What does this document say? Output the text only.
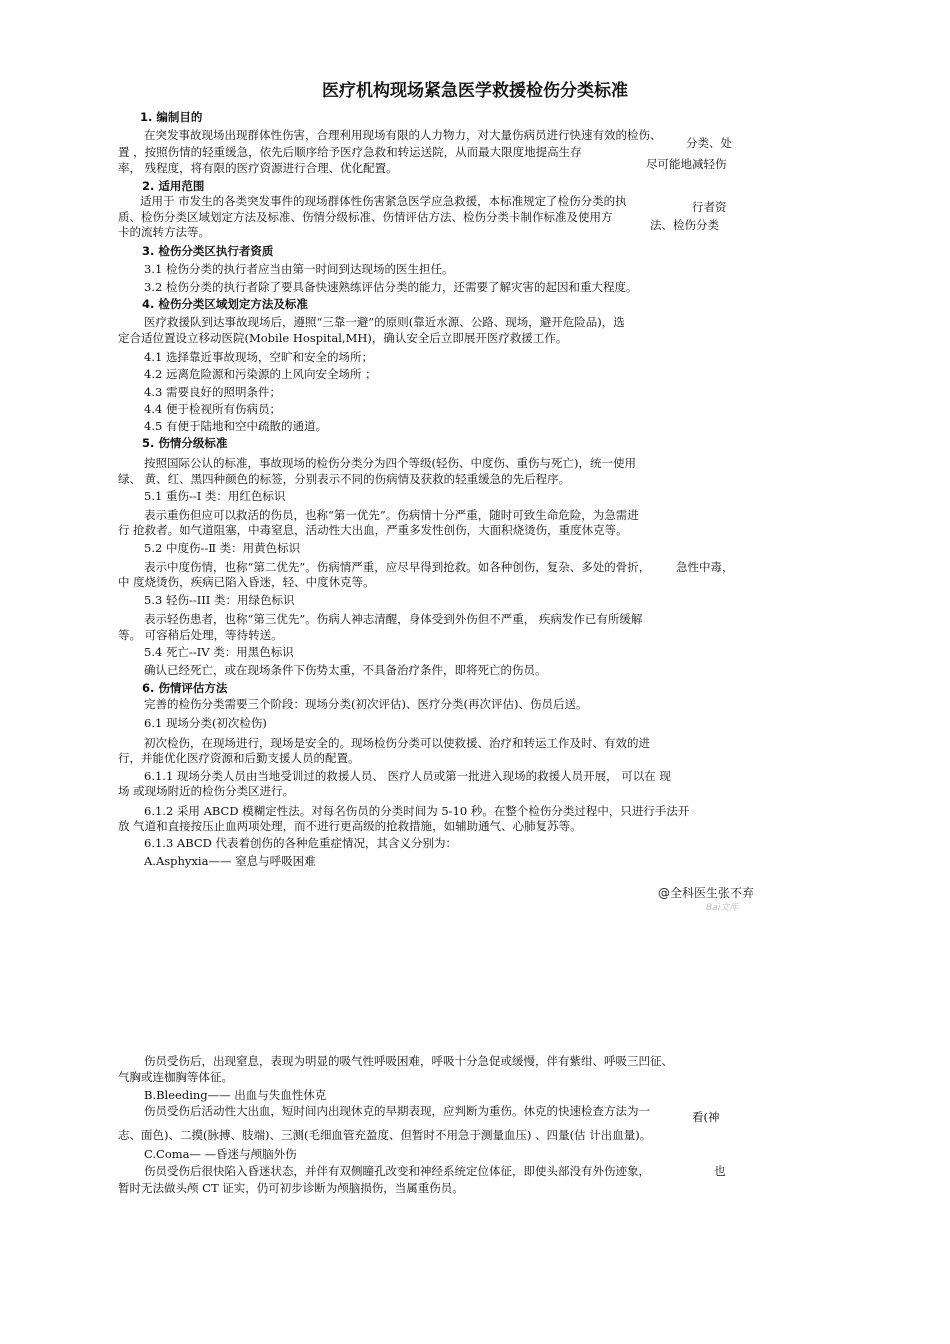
医疗机构现场紧急医学救援检伤分类标准
1. 编制目的
在突发事故现场出现群体性伤害，合理利用现场有限的人力物力，对大量伤病员进行快速有效的检伤、
分类、处
置 ，按照伤情的轻重缓急，依先后顺序给予医疗急救和转运送院，从而最大限度地提高生存
尽可能地减轻伤
率， 残程度，将有限的医疗资源进行合理、优化配置。
2. 适用范围
适用于 市发生的各类突发事件的现场群体性伤害紧急医学应急救援，本标准规定了检伤分类的执	行者资
质、检伤分类区域划定方法及标准、伤情分级标准、伤情评估方法、检伤分类卡制作标准及使用方
法、检伤分类
卡的流转方法等。
3. 检伤分类区执行者资质
3.1 检伤分类的执行者应当由第一时间到达现场的医生担任。
3.2 检伤分类的执行者除了要具备快速熟练评估分类的能力，还需要了解灾害的起因和重大程度。
4. 检伤分类区域划定方法及标准
医疗救援队到达事故现场后，遵照“三靠一避”的原则(靠近水源、公路、现场，避开危险品)，选
定合适位置设立移动医院(Mobile Hospital,MH)，确认安全后立即展开医疗救援工作。
4.1 选择靠近事故现场，空旷和安全的场所；
4.2 远离危险源和污染源的上风向安全场所 ；
4.3 需要良好的照明条件；
4.4 便于检视所有伤病员；
4.5 有便于陆地和空中疏散的通道。
5. 伤情分级标准
按照国际公认的标准，事故现场的检伤分类分为四个等级(轻伤、中度伤、重伤与死亡)，统一使用
绿、 黄、红、黑四种颜色的标签，分别表示不同的伤病情及获救的轻重缓急的先后程序。
5.1 重伤--I 类：用红色标识
表示重伤但应可以救活的伤员，也称“第一优先”。伤病情十分严重，随时可致生命危险，为急需进
行 抢救者。如气道阻塞，中毒窒息，活动性大出血，严重多发性创伤，大面积烧烫伤，重度休克等。
5.2 中度伤--Ⅱ 类：用黄色标识
表示中度伤情，也称“第二优先”。伤病情严重，应尽早得到抢救。如各种创伤，复杂、多处的骨折， 急性中毒，
中 度烧烫伤，疾病已陷入昏迷，轻、中度休克等。
5.3 轻伤--III 类：用绿色标识
表示轻伤患者，也称“第三优先”。伤病人神志清醒，身体受到外伤但不严重， 疾病发作已有所缓解
等。 可容稍后处理，等待转送。
5.4 死亡--IV 类：用黑色标识
确认已经死亡，或在现场条件下伤势太重，不具备治疗条件，即将死亡的伤员。
6. 伤情评估方法
完善的检伤分类需要三个阶段：现场分类(初次评估)、医疗分类(再次评估)、伤员后送。
6.1 现场分类(初次检伤)
初次检伤，在现场进行，现场是安全的。现场检伤分类可以使救援、治疗和转运工作及时、有效的进
行，并能优化医疗资源和后勤支援人员的配置。
6.1.1 现场分类人员由当地受训过的救援人员、 医疗人员或第一批进入现场的救援人员开展， 可以在 现
场 或现场附近的检伤分类区进行。
6.1.2 采用 ABCD 模糊定性法。对每名伤员的分类时间为 5-10 秒。在整个检伤分类过程中，只进行手法开
放 气道和直接按压止血两项处理，而不进行更高级的抢救措施，如辅助通气、心肺复苏等。
6.1.3 ABCD 代表着创伤的各种危重症情况，其含义分别为：
A.Asphyxia—— 窒息与呼吸困难
@全科医生张不弃
Bai文库
伤员受伤后，出现窒息，表现为明显的吸气性呼吸困难，呼吸十分急促或缓慢，伴有紫绀、呼吸三凹征、
气胸或连枷胸等体征。
B.Bleeding—— 出血与失血性休克
伤员受伤后活动性大出血，短时间内出现休克的早期表现，应判断为重伤。休克的快速检查方法为一	看(神
志、面色)、二摸(脉搏、肢端)、三测(毛细血管充盈度、但暂时不用急于测量血压) 、四量(估 计出血量)。
C.Coma— —昏迷与颅脑外伤
伤员受伤后很快陷入昏迷状态，并伴有双侧瞳孔改变和神经系统定位体征，即使头部没有外伤迹象，	也
暂时无法做头颅 CT 证实，仍可初步诊断为颅脑损伤，当属重伤员。
